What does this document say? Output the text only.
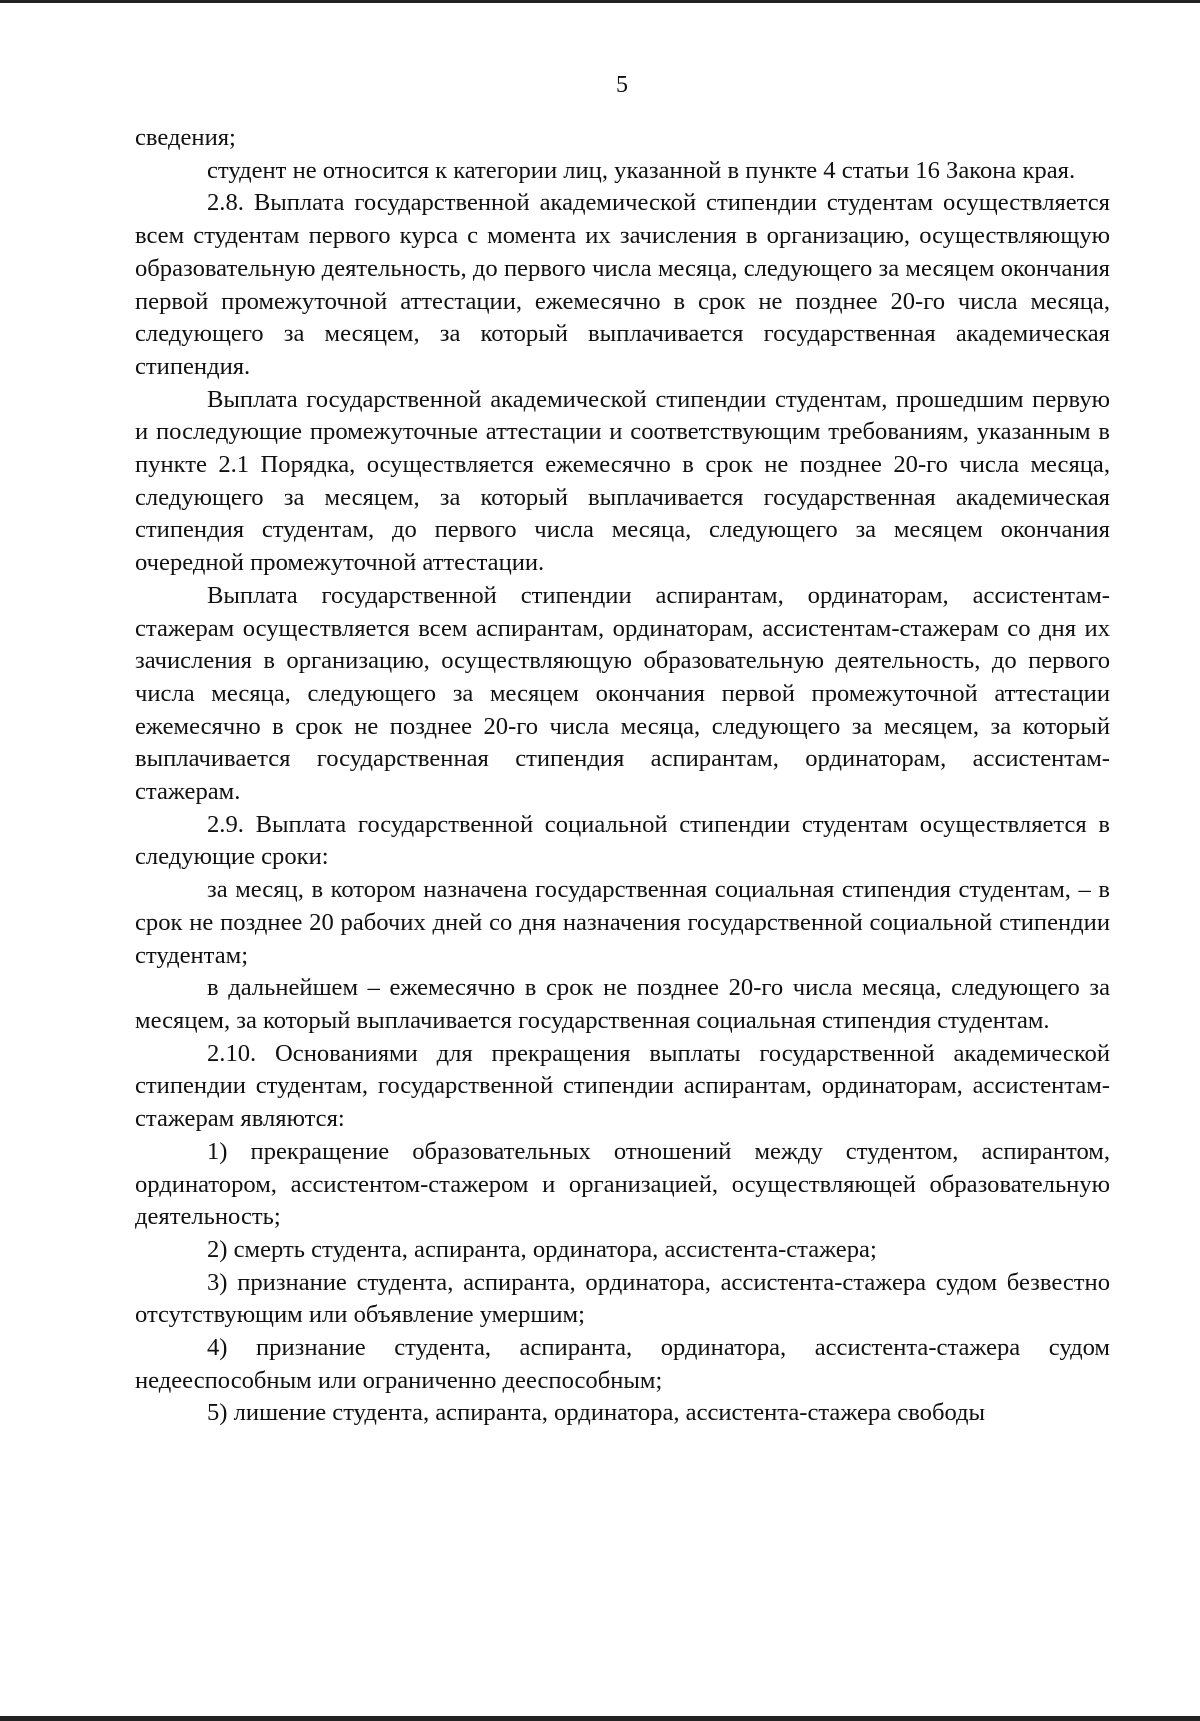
5

сведения;

студент не относится к категории лиц, указанной в пункте 4 статьи 16 Закона края.

2.8. Выплата государственной академической стипендии студентам осуществляется всем студентам первого курса с момента их зачисления в организацию, осуществляющую образовательную деятельность, до первого числа месяца, следующего за месяцем окончания первой промежуточной аттестации, ежемесячно в срок не позднее 20-го числа месяца, следующего за месяцем, за который выплачивается государственная академическая стипендия.

Выплата государственной академической стипендии студентам, прошедшим первую и последующие промежуточные аттестации и соответствующим требованиям, указанным в пункте 2.1 Порядка, осуществляется ежемесячно в срок не позднее 20-го числа месяца, следующего за месяцем, за который выплачивается государственная академическая стипендия студентам, до первого числа месяца, следующего за месяцем окончания очередной промежуточной аттестации.

Выплата государственной стипендии аспирантам, ординаторам, ассистентам-стажерам осуществляется всем аспирантам, ординаторам, ассистентам-стажерам со дня их зачисления в организацию, осуществляющую образовательную деятельность, до первого числа месяца, следующего за месяцем окончания первой промежуточной аттестации ежемесячно в срок не позднее 20-го числа месяца, следующего за месяцем, за который выплачивается государственная стипендия аспирантам, ординаторам, ассистентам-стажерам.

2.9. Выплата государственной социальной стипендии студентам осуществляется в следующие сроки:

за месяц, в котором назначена государственная социальная стипендия студентам, – в срок не позднее 20 рабочих дней со дня назначения государственной социальной стипендии студентам;

в дальнейшем – ежемесячно в срок не позднее 20-го числа месяца, следующего за месяцем, за который выплачивается государственная социальная стипендия студентам.

2.10. Основаниями для прекращения выплаты государственной академической стипендии студентам, государственной стипендии аспирантам, ординаторам, ассистентам-стажерам являются:

1) прекращение образовательных отношений между студентом, аспирантом, ординатором, ассистентом-стажером и организацией, осуществляющей образовательную деятельность;

2) смерть студента, аспиранта, ординатора, ассистента-стажера;

3) признание студента, аспиранта, ординатора, ассистента-стажера судом безвестно отсутствующим или объявление умершим;

4) признание студента, аспиранта, ординатора, ассистента-стажера судом недееспособным или ограниченно дееспособным;

5) лишение студента, аспиранта, ординатора, ассистента-стажера свободы
